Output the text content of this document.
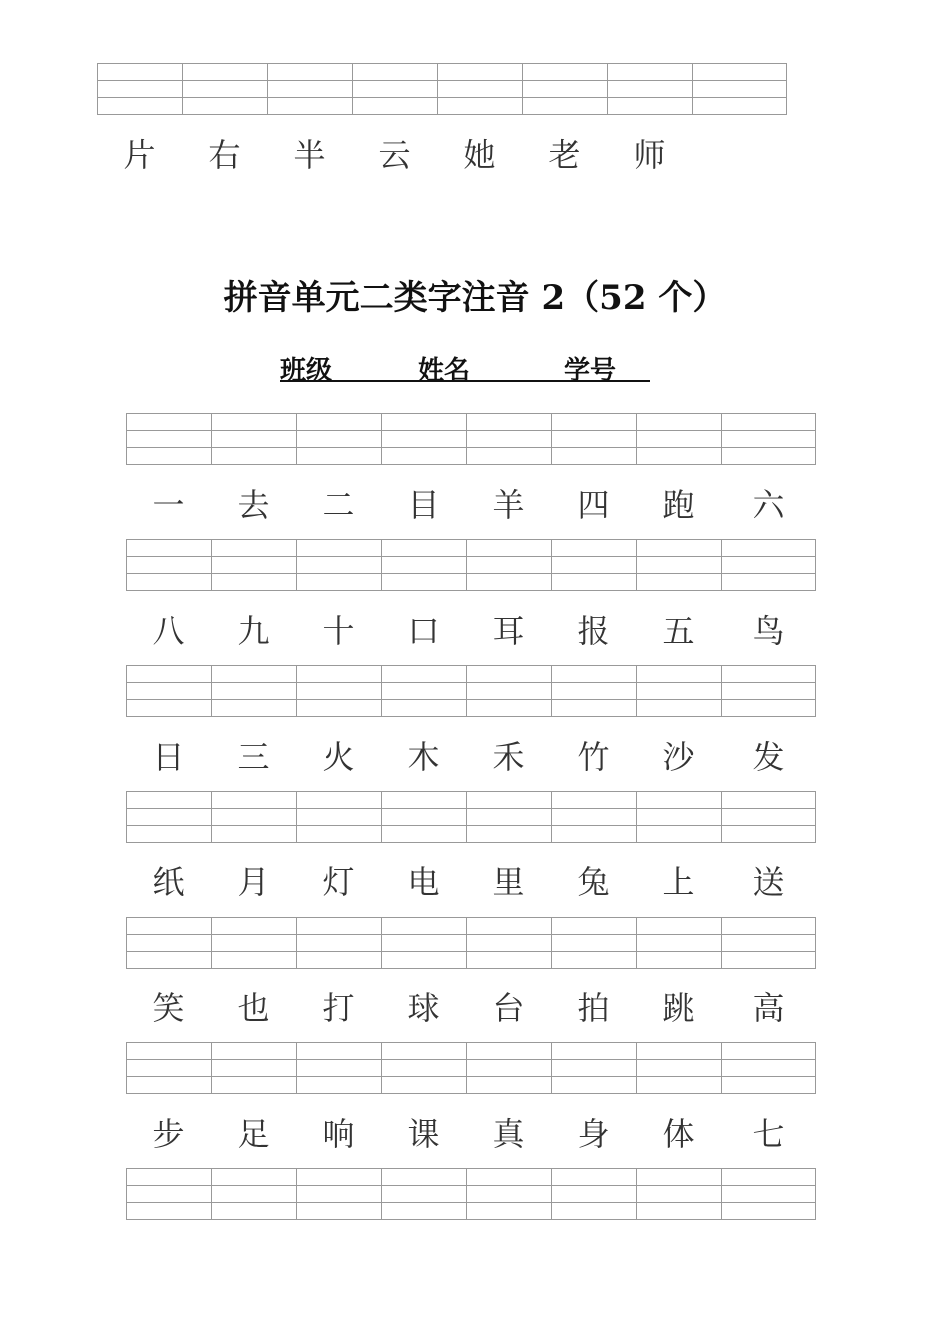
片	右	半	云	她	老	师
拼音单元二类字注音 2（52 个）
班级	姓名	学号
一	去	二	目	羊	四	跑	六
八	九	十	口	耳	报	五	鸟
日	三	火	木	禾	竹	沙	发
纸	月	灯	电	里	兔	上	送
笑	也	打	球	台	拍	跳	高
步	足	响	课	真	身	体	七
